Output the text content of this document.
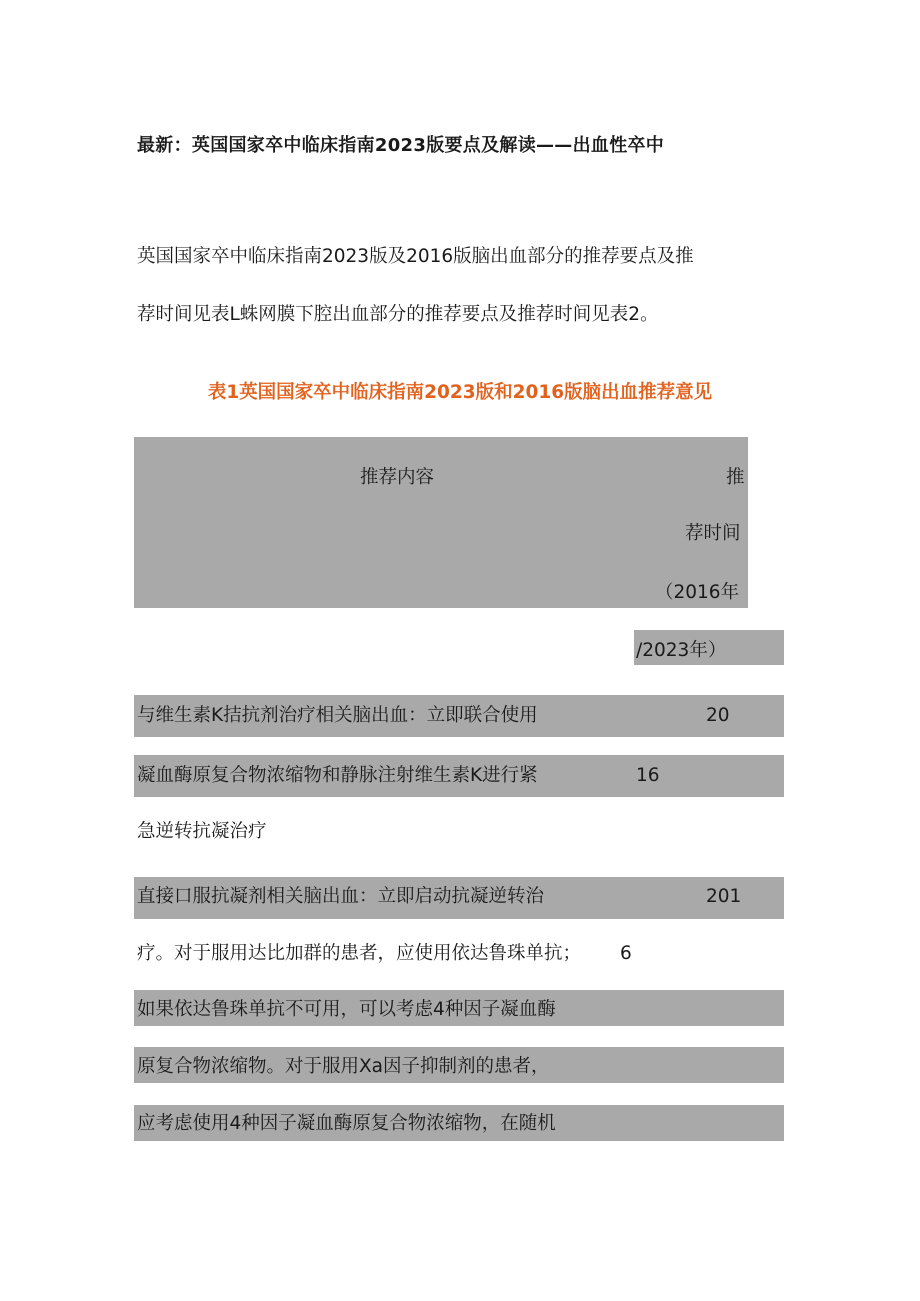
最新：英国国家卒中临床指南2023版要点及解读——出血性卒中
英国国家卒中临床指南2023版及2016版脑出血部分的推荐要点及推
荐时间见表L蛛网膜下腔出血部分的推荐要点及推荐时间见表2。
表1英国国家卒中临床指南2023版和2016版脑出血推荐意见
推荐内容	推
荐时间
（2016年
/2023年）
与维生素K拮抗剂治疗相关脑出血：立即联合使用
凝血酶原复合物浓缩物和静脉注射维生素K进行紧
急逆转抗凝治疗
20
16
直接口服抗凝剂相关脑出血：立即启动抗凝逆转治
疗。对于服用达比加群的患者，应使用依达鲁珠单抗；
如果依达鲁珠单抗不可用，可以考虑4种因子凝血酶
原复合物浓缩物。对于服用Xa因子抑制剂的患者，
应考虑使用4种因子凝血酶原复合物浓缩物，在随机
201
6
